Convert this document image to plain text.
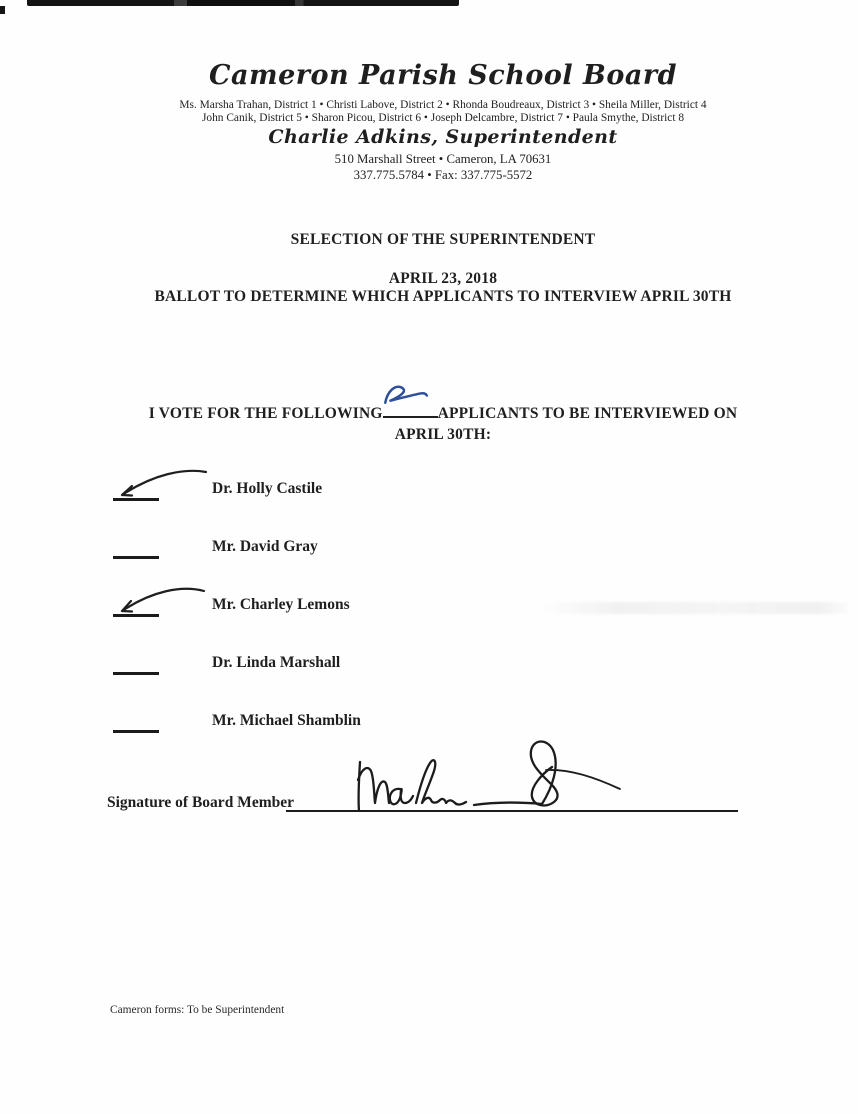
Cameron Parish School Board
Ms. Marsha Trahan, District 1 • Christi Labove, District 2 • Rhonda Boudreaux, District 3 • Sheila Miller, District 4
John Canik, District 5 • Sharon Picou, District 6 • Joseph Delcambre, District 7 • Paula Smythe, District 8
Charlie Adkins, Superintendent
510 Marshall Street • Cameron, LA 70631
337.775.5784 • Fax: 337.775-5572
SELECTION OF THE SUPERINTENDENT
APRIL 23, 2018
BALLOT TO DETERMINE WHICH APPLICANTS TO INTERVIEW APRIL 30TH
I VOTE FOR THE FOLLOWING	APPLICANTS TO BE INTERVIEWED ON
APRIL 30TH:
Dr. Holly Castile
Mr. David Gray
Mr. Charley Lemons
Dr. Linda Marshall
Mr. Michael Shamblin
Signature of Board Member
Cameron forms: To be Superintendent
